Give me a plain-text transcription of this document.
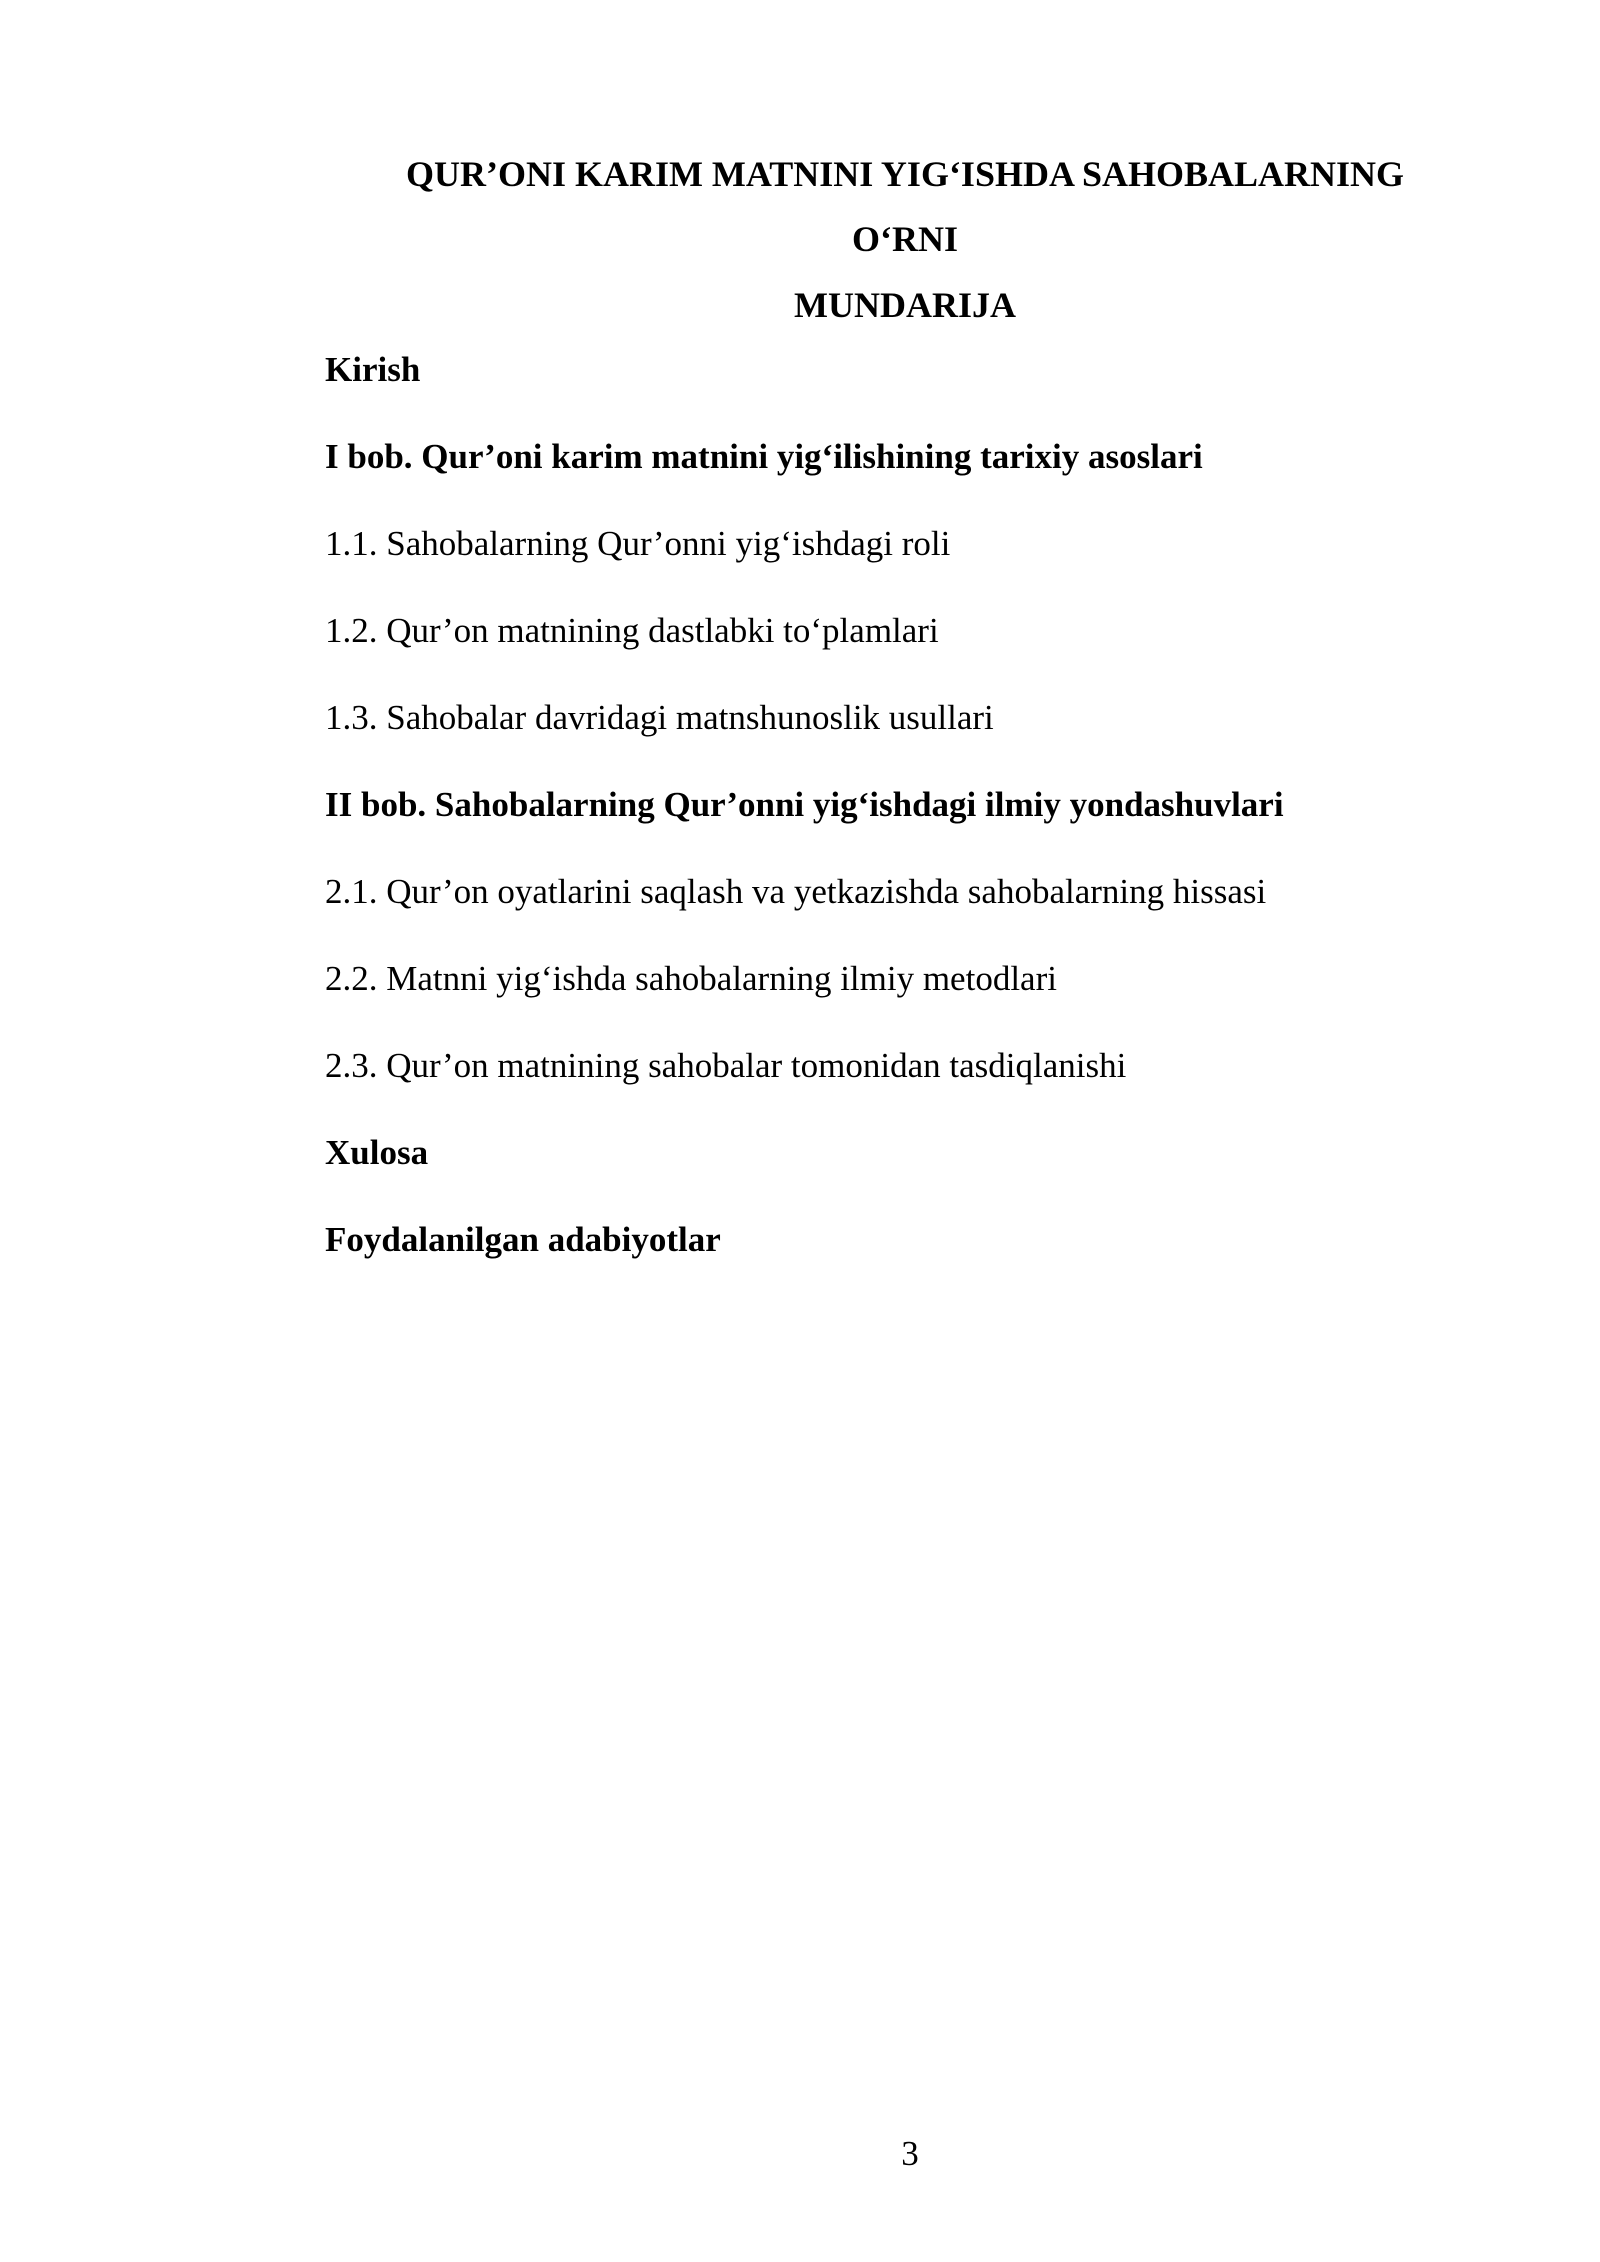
QUR’ONI KARIM MATNINI YIG‘ISHDA SAHOBALARNING
O‘RNI
MUNDARIJA
Kirish
I bob. Qur’oni karim matnini yig‘ilishining tarixiy asoslari
1.1. Sahobalarning Qur’onni yig‘ishdagi roli
1.2. Qur’on matnining dastlabki to‘plamlari
1.3. Sahobalar davridagi matnshunoslik usullari
II bob. Sahobalarning Qur’onni yig‘ishdagi ilmiy yondashuvlari
2.1. Qur’on oyatlarini saqlash va yetkazishda sahobalarning hissasi
2.2. Matnni yig‘ishda sahobalarning ilmiy metodlari
2.3. Qur’on matnining sahobalar tomonidan tasdiqlanishi
Xulosa
Foydalanilgan adabiyotlar
3
